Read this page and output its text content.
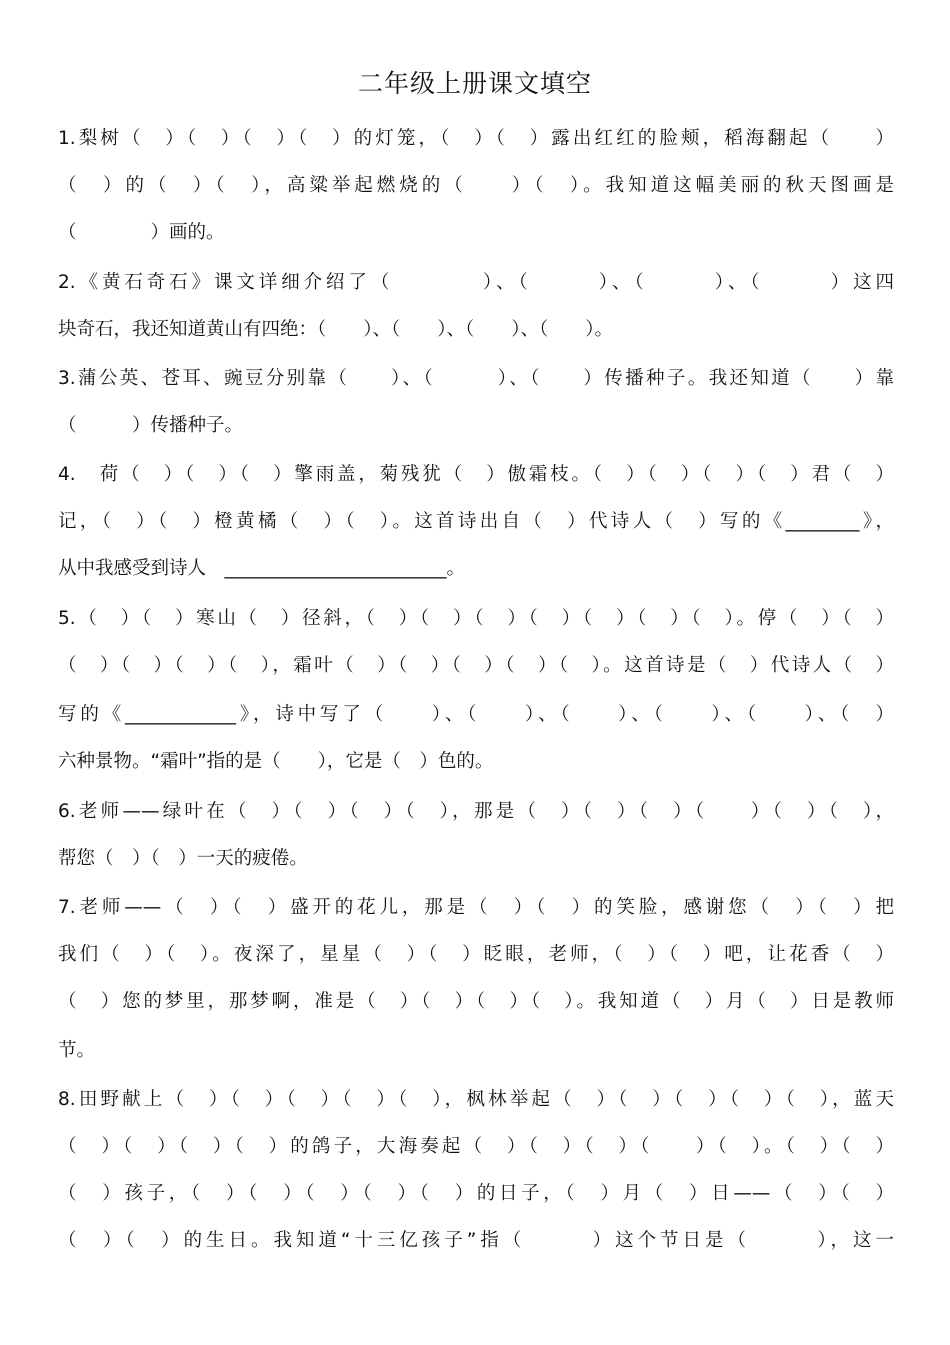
二年级上册课文填空
1.梨树（　）（　）（　）（　）的灯笼，（　）（　）露出红红的脸颊，稻海翻起（　　）
（　）的（　）（　），高粱举起燃烧的（　　）（　）。我知道这幅美丽的秋天图画是
（　　　　）画的。
2.《黄石奇石》课文详细介绍了（　　　　）、（　　　）、（　　　）、（　　　）这四
块奇石，我还知道黄山有四绝：（　　）、（　　）、（　　）、（　　）。
3.蒲公英、苍耳、豌豆分别靠（　　）、（　　　）、（　　）传播种子。我还知道（　　）靠
（　　　）传播种子。
4.　荷（　）（　）（　）擎雨盖，菊残犹（　）傲霜枝。（　）（　）（　）（　）君（　）
记，（　）（　）橙黄橘（　）（　）。这首诗出自（　）代诗人（　）写的《________》，
从中我感受到诗人　________________________。
5.（　）（　）寒山（　）径斜，（　）（　）（　）（　）（　）（　）（　）。停（　）（　）
（　）（　）（　）（　），霜叶（　）（　）（　）（　）（　）。这首诗是（　）代诗人（　）
写的《____________》，诗中写了（　　）、（　　）、（　　）、（　　）、（　　）、（　）
六种景物。“霜叶”指的是（　　），它是（　）色的。
6.老师——绿叶在（　）（　）（　）（　），那是（　）（　）（　）（　　）（　）（　），
帮您（　）（　）一天的疲倦。
7.老师——（　）（　）盛开的花儿，那是（　）（　）的笑脸，感谢您（　）（　）把
我们（　）（　）。夜深了，星星（　）（　）眨眼，老师，（　）（　）吧，让花香（　）
（　）您的梦里，那梦啊，准是（　）（　）（　）（　）。我知道（　）月（　）日是教师
节。
8.田野献上（　）（　）（　）（　）（　），枫林举起（　）（　）（　）（　）（　），蓝天
（　）（　）（　）（　）的鸽子，大海奏起（　）（　）（　）（　　）（　）。（　）（　）
（　）孩子，（　）（　）（　）（　）（　）的日子，（　）月（　）日——（　）（　）
（　）（　）的生日。我知道“十三亿孩子”指（　　　）这个节日是（　　　），这一
